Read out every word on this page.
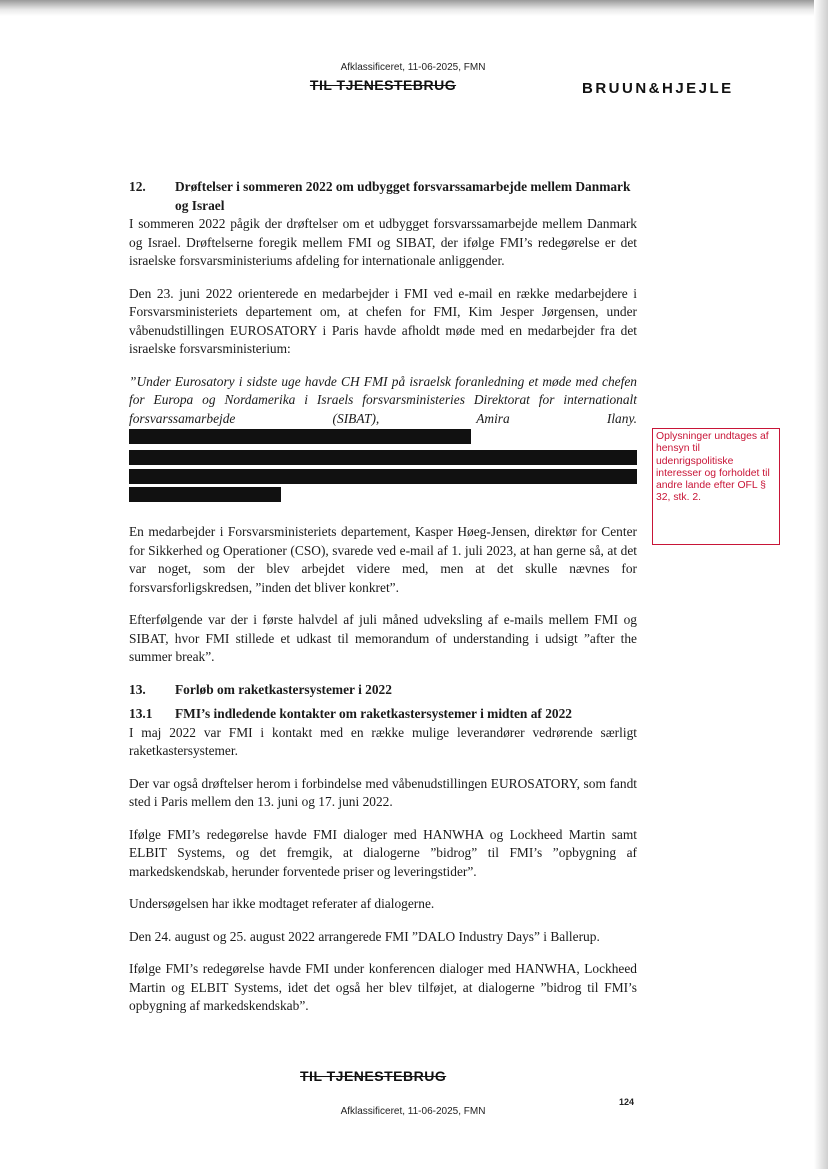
Afklassificeret, 11-06-2025, FMN
TIL TJENESTEBRUG	BRUUN&HJEJLE
12.	Drøftelser i sommeren 2022 om udbygget forsvarssamarbejde mellem Danmark og Israel

I sommeren 2022 pågik der drøftelser om et udbygget forsvarssamarbejde mellem Danmark og Israel. Drøftelserne foregik mellem FMI og SIBAT, der ifølge FMI’s redegørelse er det israelske forsvarsministeriums afdeling for internationale anliggender.

Den 23. juni 2022 orienterede en medarbejder i FMI ved e-mail en række medarbejdere i Forsvarsministeriets departement om, at chefen for FMI, Kim Jesper Jørgensen, under våbenudstillingen EUROSATORY i Paris havde afholdt møde med en medarbejder fra det israelske forsvarsministerium:

”Under Eurosatory i sidste uge havde CH FMI på israelsk foranledning et møde med chefen for Europa og Nordamerika i Israels forsvarsministeries Direktorat for internationalt forsvarssamarbejde (SIBAT), Amira Ilany.

En medarbejder i Forsvarsministeriets departement, Kasper Høeg-Jensen, direktør for Center for Sikkerhed og Operationer (CSO), svarede ved e-mail af 1. juli 2023, at han gerne så, at det var noget, som der blev arbejdet videre med, men at det skulle nævnes for forsvarsforligskredsen, ”inden det bliver konkret”.

Efterfølgende var der i første halvdel af juli måned udveksling af e-mails mellem FMI og SIBAT, hvor FMI stillede et udkast til memorandum of understanding i udsigt ”after the summer break”.

13.	Forløb om raketkastersystemer i 2022
13.1	FMI’s indledende kontakter om raketkastersystemer i midten af 2022

I maj 2022 var FMI i kontakt med en række mulige leverandører vedrørende særligt raketkastersystemer.

Der var også drøftelser herom i forbindelse med våbenudstillingen EUROSATORY, som fandt sted i Paris mellem den 13. juni og 17. juni 2022.

Ifølge FMI’s redegørelse havde FMI dialoger med HANWHA og Lockheed Martin samt ELBIT Systems, og det fremgik, at dialogerne ”bidrog” til FMI’s ”opbygning af markedskendskab, herunder forventede priser og leveringstider”.

Undersøgelsen har ikke modtaget referater af dialogerne.

Den 24. august og 25. august 2022 arrangerede FMI ”DALO Industry Days” i Ballerup.

Ifølge FMI’s redegørelse havde FMI under konferencen dialoger med HANWHA, Lockheed Martin og ELBIT Systems, idet det også her blev tilføjet, at dialogerne ”bidrog til FMI’s opbygning af markedskendskab”.

Oplysninger undtages af hensyn til udenrigspolitiske interesser og forholdet til andre lande efter OFL § 32, stk. 2.
TIL TJENESTEBRUG
124
Afklassificeret, 11-06-2025, FMN
